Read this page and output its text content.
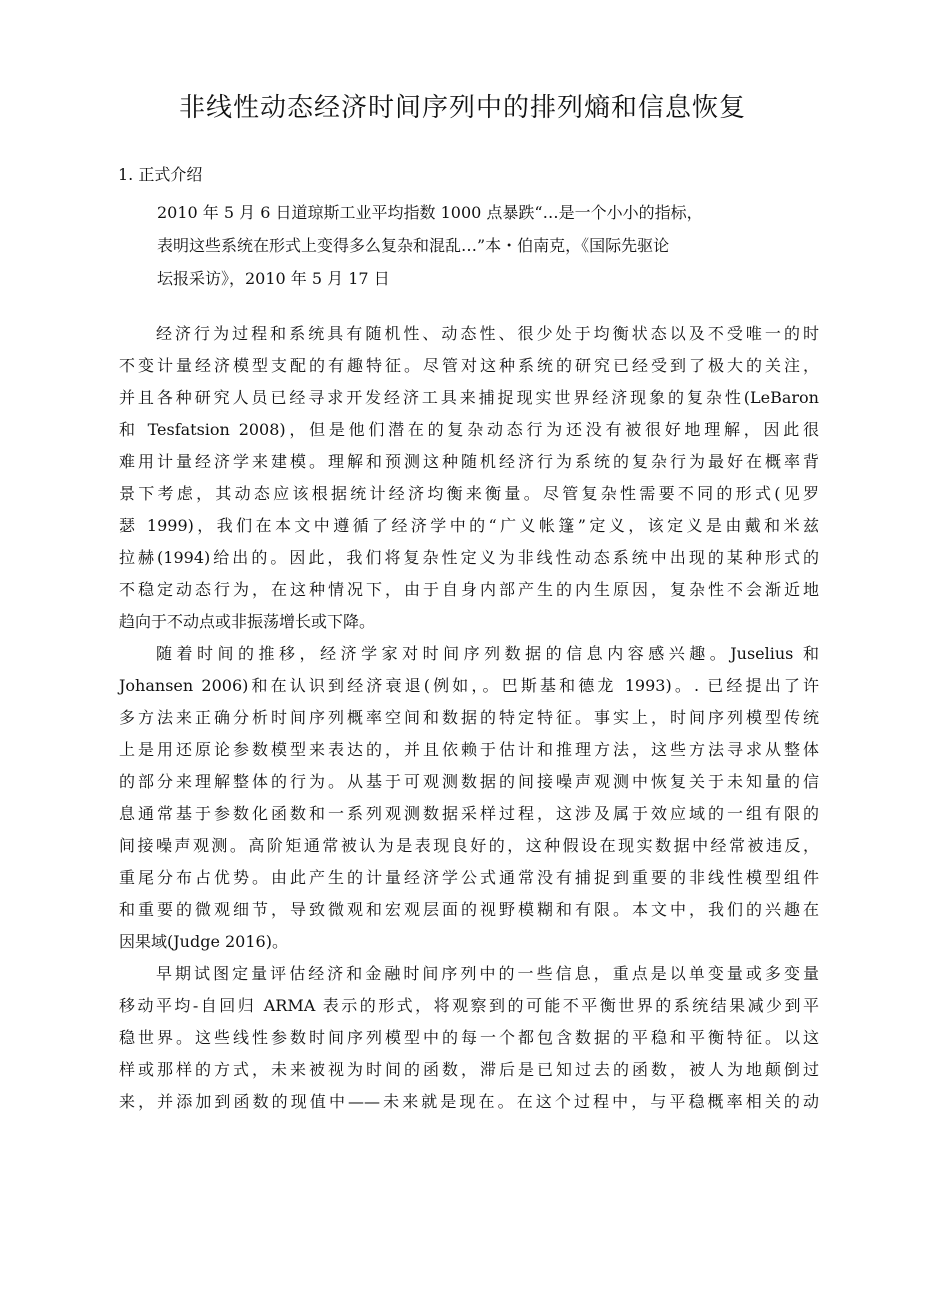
非线性动态经济时间序列中的排列熵和信息恢复
1. 正式介绍
2010 年 5 月 6 日道琼斯工业平均指数 1000 点暴跌“…是一个小小的指标，
表明这些系统在形式上变得多么复杂和混乱…”本・伯南克，《国际先驱论
坛报采访》，2010 年 5 月 17 日
经济行为过程和系统具有随机性、动态性、很少处于均衡状态以及不受唯一的时
不变计量经济模型支配的有趣特征。尽管对这种系统的研究已经受到了极大的关注，
并且各种研究人员已经寻求开发经济工具来捕捉现实世界经济现象的复杂性(LeBaron
和 Tesfatsion 2008)，但是他们潜在的复杂动态行为还没有被很好地理解，因此很
难用计量经济学来建模。理解和预测这种随机经济行为系统的复杂行为最好在概率背
景下考虑，其动态应该根据统计经济均衡来衡量。尽管复杂性需要不同的形式(见罗
瑟 1999)，我们在本文中遵循了经济学中的“广义帐篷”定义，该定义是由戴和米兹
拉赫(1994)给出的。因此，我们将复杂性定义为非线性动态系统中出现的某种形式的
不稳定动态行为，在这种情况下，由于自身内部产生的内生原因，复杂性不会渐近地
趋向于不动点或非振荡增长或下降。
随着时间的推移，经济学家对时间序列数据的信息内容感兴趣。Juselius 和
Johansen 2006)和在认识到经济衰退(例如，。巴斯基和德龙 1993)。. 已经提出了许
多方法来正确分析时间序列概率空间和数据的特定特征。事实上，时间序列模型传统
上是用还原论参数模型来表达的，并且依赖于估计和推理方法，这些方法寻求从整体
的部分来理解整体的行为。从基于可观测数据的间接噪声观测中恢复关于未知量的信
息通常基于参数化函数和一系列观测数据采样过程，这涉及属于效应域的一组有限的
间接噪声观测。高阶矩通常被认为是表现良好的，这种假设在现实数据中经常被违反，
重尾分布占优势。由此产生的计量经济学公式通常没有捕捉到重要的非线性模型组件
和重要的微观细节，导致微观和宏观层面的视野模糊和有限。本文中，我们的兴趣在
因果域(Judge 2016)。
早期试图定量评估经济和金融时间序列中的一些信息，重点是以单变量或多变量
移动平均-自回归 ARMA 表示的形式，将观察到的可能不平衡世界的系统结果减少到平
稳世界。这些线性参数时间序列模型中的每一个都包含数据的平稳和平衡特征。以这
样或那样的方式，未来被视为时间的函数，滞后是已知过去的函数，被人为地颠倒过
来，并添加到函数的现值中——未来就是现在。在这个过程中，与平稳概率相关的动
